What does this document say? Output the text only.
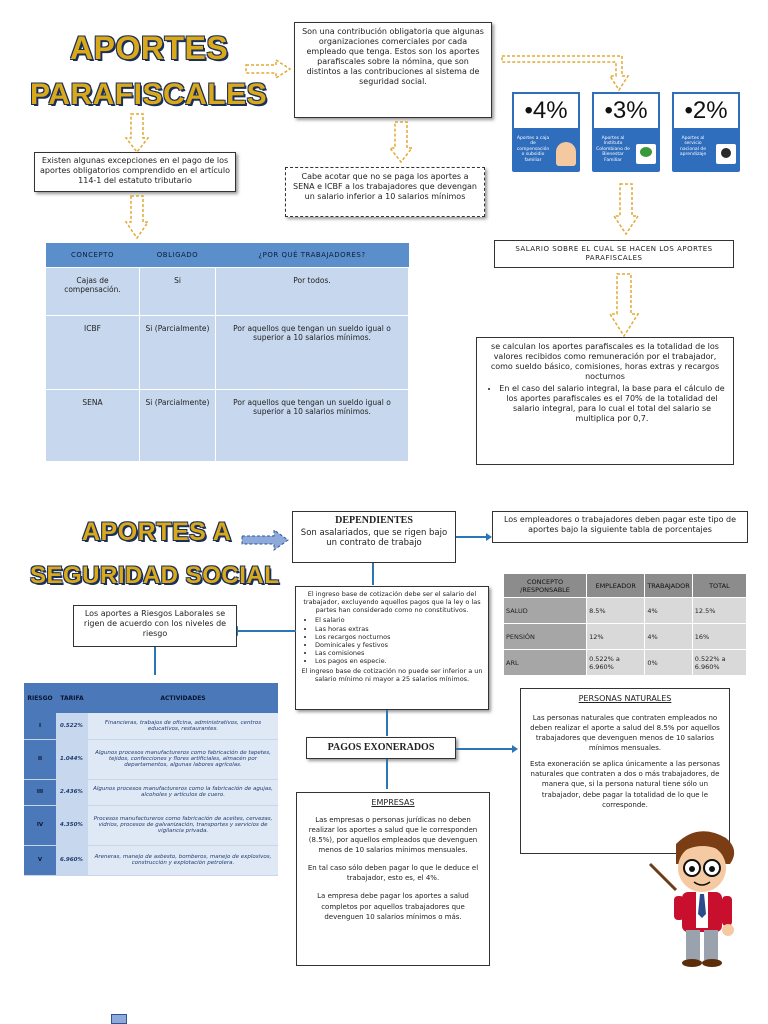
APORTES
PARAFISCALES
Son una contribución obligatoria que algunas organizaciones comerciales por cada empleado que tenga. Estos son los aportes parafiscales sobre la nómina, que son distintos a las contribuciones al sistema de seguridad social.
Existen algunas excepciones en el pago de los aportes obligatorios comprendido en el artículo 114-1 del estatuto tributario	Cabe acotar que no se paga los aportes a SENA e ICBF a los trabajadores que devengan un salario inferior a 10 salarios mínimos
•4%
Aportes a caja de compensación o subsidio familiar
•3%
Aportes al Instituto Colombiano de Bienestar Familiar
•2%
Aportes al servicio nacional de aprendizaje
SALARIO SOBRE EL CUAL SE HACEN LOS APORTES PARAFISCALES
se calculan los aportes parafiscales es la totalidad de los valores recibidos como remuneración por el trabajador, como sueldo básico, comisiones, horas extras y recargos nocturnos
• En el caso del salario integral, la base para el cálculo de los aportes parafiscales es el 70% de la totalidad del salario integral, para lo cual el total del salario se multiplica por 0,7.
CONCEPTO	OBLIGADO	¿POR QUÉ TRABAJADORES?
Cajas de compensación.	Si	Por todos.
ICBF	Si (Parcialmente)	Por aquellos que tengan un sueldo igual o superior a 10 salarios mínimos.
SENA	Si (Parcialmente)	Por aquellos que tengan un sueldo igual o superior a 10 salarios mínimos.
APORTES A
SEGURIDAD SOCIAL
DEPENDIENTES
Son asalariados, que se rigen bajo un contrato de trabajo
Los empleadores o trabajadores deben pagar este tipo de aportes bajo la siguiente tabla de porcentajes
CONCEPTO /RESPONSABLE	EMPLEADOR	TRABAJADOR	TOTAL
SALUD	8.5%	4%	12.5%
PENSIÓN	12%	4%	16%
ARL	0.522% a 6.960%	0%	0.522% a 6.960%
El ingreso base de cotización debe ser el salario del trabajador, excluyendo aquellos pagos que la ley o las partes han considerado como no constitutivos.
• El salario
• Las horas extras
• Los recargos nocturnos
• Dominicales y festivos
• Las comisiones
• Los pagos en especie.
El ingreso base de cotización no puede ser inferior a un salario mínimo ni mayor a 25 salarios mínimos.
Los aportes a Riesgos Laborales se rigen de acuerdo con los niveles de riesgo
RIESGO	TARIFA	ACTIVIDADES
I	0.522%	Financieras, trabajos de oficina, administrativos, centros educativos, restaurantes.
II	1.044%	Algunos procesos manufactureros como fabricación de tapetes, tejidos, confecciones y flores artificiales, almacén por departamentos, algunas labores agrícolas.
III	2.436%	Algunos procesos manufactureros como la fabricación de agujas, alcoholes y artículos de cuero.
IV	4.350%	Procesos manufactureros como fabricación de aceites, cervezas, vidrios, procesos de galvanización, transportes y servicios de vigilancia privada.
V	6.960%	Areneras, manejo de asbesto, bomberos, manejo de explosivos, construcción y explotación petrolera.
PAGOS EXONERADOS
EMPRESAS
Las empresas o personas jurídicas no deben realizar los aportes a salud que le corresponden (8.5%), por aquellos empleados que devenguen menos de 10 salarios mínimos mensuales.
En tal caso sólo deben pagar lo que le deduce el trabajador, esto es, el 4%.
La empresa debe pagar los aportes a salud completos por aquellos trabajadores que devenguen 10 salarios mínimos o más.
PERSONAS NATURALES
Las personas naturales que contraten empleados no deben realizar el aporte a salud del 8.5% por aquellos trabajadores que devenguen menos de 10 salarios mínimos mensuales.
Esta exoneración se aplica únicamente a las personas naturales que contraten a dos o más trabajadores, de manera que, si la persona natural tiene sólo un trabajador, debe pagar la totalidad de lo que le corresponde.
